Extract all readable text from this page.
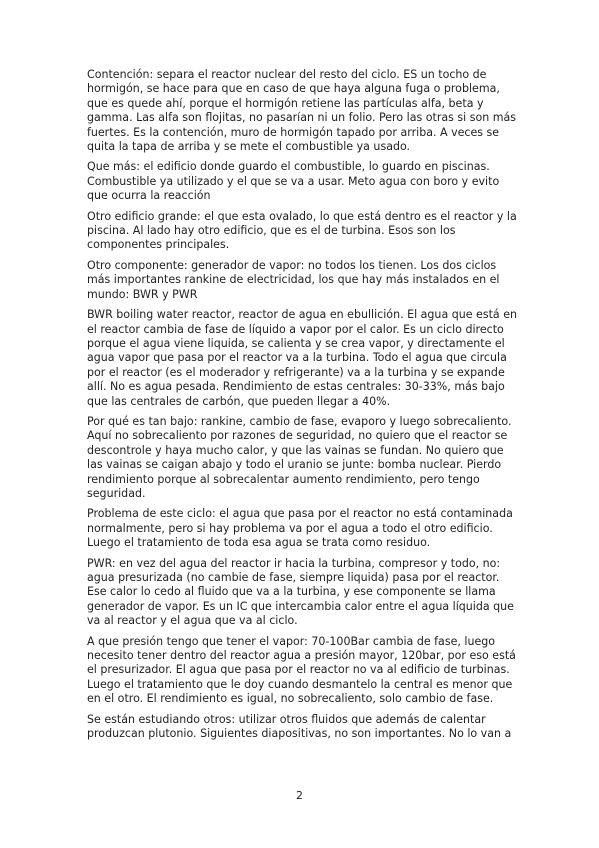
Contención: separa el reactor nuclear del resto del ciclo. ES un tocho de hormigón, se hace para que en caso de que haya alguna fuga o problema, que es quede ahí, porque el hormigón retiene las partículas alfa, beta y gamma. Las alfa son flojitas, no pasarían ni un folio. Pero las otras si son más fuertes. Es la contención, muro de hormigón tapado por arriba. A veces se quita la tapa de arriba y se mete el combustible ya usado.

Que más: el edificio donde guardo el combustible, lo guardo en piscinas. Combustible ya utilizado y el que se va a usar. Meto agua con boro y evito que ocurra la reacción

Otro edificio grande: el que esta ovalado, lo que está dentro es el reactor y la piscina. Al lado hay otro edificio, que es el de turbina. Esos son los componentes principales.

Otro componente: generador de vapor: no todos los tienen. Los dos ciclos más importantes rankine de electricidad, los que hay más instalados en el mundo: BWR y PWR

BWR boiling water reactor, reactor de agua en ebullición. El agua que está en el reactor cambia de fase de líquido a vapor por el calor. Es un ciclo directo porque el agua viene liquida, se calienta y se crea vapor, y directamente el agua vapor que pasa por el reactor va a la turbina. Todo el agua que circula por el reactor (es el moderador y refrigerante) va a la turbina y se expande allí. No es agua pesada. Rendimiento de estas centrales: 30-33%, más bajo que las centrales de carbón, que pueden llegar a 40%.

Por qué es tan bajo: rankine, cambio de fase, evaporo y luego sobrecaliento. Aquí no sobrecaliento por razones de seguridad, no quiero que el reactor se descontrole y haya mucho calor, y que las vainas se fundan. No quiero que las vainas se caigan abajo y todo el uranio se junte: bomba nuclear. Pierdo rendimiento porque al sobrecalentar aumento rendimiento, pero tengo seguridad.

Problema de este ciclo: el agua que pasa por el reactor no está contaminada normalmente, pero si hay problema va por el agua a todo el otro edificio. Luego el tratamiento de toda esa agua se trata como residuo.

PWR: en vez del agua del reactor ir hacia la turbina, compresor y todo, no: agua presurizada (no cambie de fase, siempre liquida) pasa por el reactor. Ese calor lo cedo al fluido que va a la turbina, y ese componente se llama generador de vapor. Es un IC que intercambia calor entre el agua líquida que va al reactor y el agua que va al ciclo.

A que presión tengo que tener el vapor: 70-100Bar cambia de fase, luego necesito tener dentro del reactor agua a presión mayor, 120bar, por eso está el presurizador. El agua que pasa por el reactor no va al edificio de turbinas. Luego el tratamiento que le doy cuando desmantelo la central es menor que en el otro. El rendimiento es igual, no sobrecaliento, solo cambio de fase.

Se están estudiando otros: utilizar otros fluidos que además de calentar produzcan plutonio. Siguientes diapositivas, no son importantes. No lo van a

2
